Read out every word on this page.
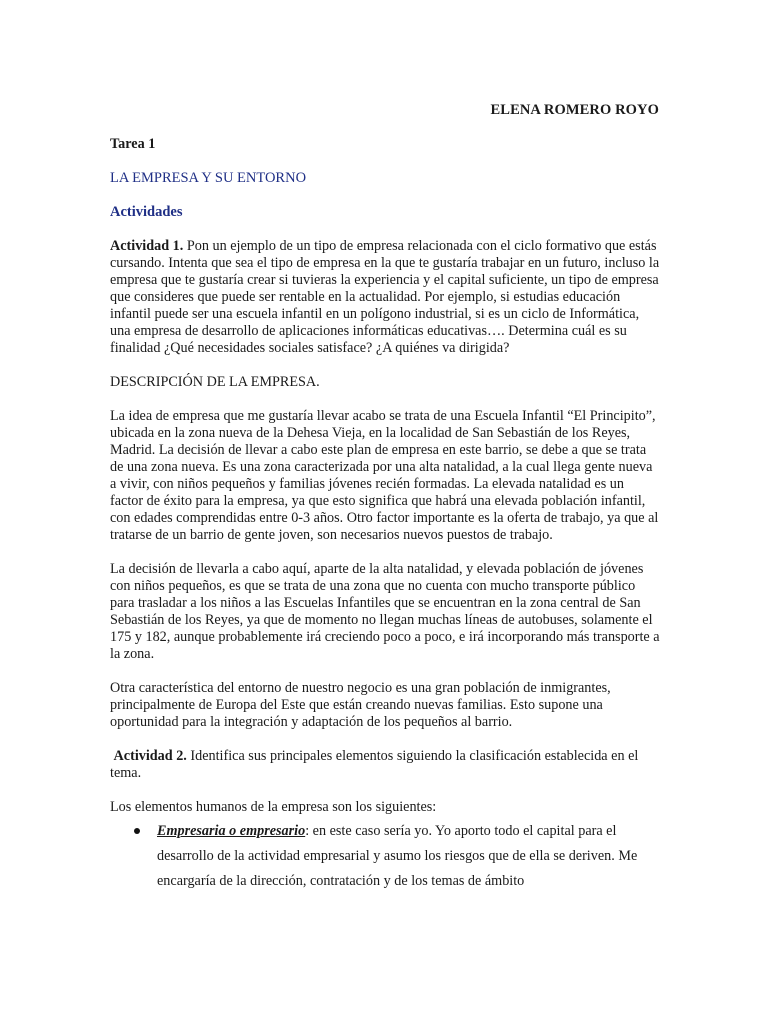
ELENA ROMERO ROYO

Tarea 1

LA EMPRESA Y SU ENTORNO

Actividades

Actividad 1. Pon un ejemplo de un tipo de empresa relacionada con el ciclo formativo que estás cursando. Intenta que sea el tipo de empresa en la que te gustaría trabajar en un futuro, incluso la empresa que te gustaría crear si tuvieras la experiencia y el capital suficiente, un tipo de empresa que consideres que puede ser rentable en la actualidad. Por ejemplo, si estudias educación infantil puede ser una escuela infantil en un polígono industrial, si es un ciclo de Informática, una empresa de desarrollo de aplicaciones informáticas educativas…. Determina cuál es su finalidad ¿Qué necesidades sociales satisface? ¿A quiénes va dirigida?

DESCRIPCIÓN DE LA EMPRESA.

La idea de empresa que me gustaría llevar acabo se trata de una Escuela Infantil “El Principito”, ubicada en la zona nueva de la Dehesa Vieja, en la localidad de San Sebastián de los Reyes, Madrid. La decisión de llevar a cabo este plan de empresa en este barrio, se debe a que se trata de una zona nueva. Es una zona caracterizada por una alta natalidad, a la cual llega gente nueva a vivir, con niños pequeños y familias jóvenes recién formadas. La elevada natalidad es un factor de éxito para la empresa, ya que esto significa que habrá una elevada población infantil, con edades comprendidas entre 0-3 años. Otro factor importante es la oferta de trabajo, ya que al tratarse de un barrio de gente joven, son necesarios nuevos puestos de trabajo.

La decisión de llevarla a cabo aquí, aparte de la alta natalidad, y elevada población de jóvenes con niños pequeños, es que se trata de una zona que no cuenta con mucho transporte público para trasladar a los niños a las Escuelas Infantiles que se encuentran en la zona central de San Sebastián de los Reyes, ya que de momento no llegan muchas líneas de autobuses, solamente el 175 y 182, aunque probablemente irá creciendo poco a poco, e irá incorporando más transporte a la zona.

Otra característica del entorno de nuestro negocio es una gran población de inmigrantes, principalmente de Europa del Este que están creando nuevas familias. Esto supone una oportunidad para la integración y adaptación de los pequeños al barrio.

Actividad 2. Identifica sus principales elementos siguiendo la clasificación establecida en el tema.

Los elementos humanos de la empresa son los siguientes:

Empresaria o empresario: en este caso sería yo. Yo aporto todo el capital para el desarrollo de la actividad empresarial y asumo los riesgos que de ella se deriven. Me encargaría de la dirección, contratación y de los temas de ámbito
